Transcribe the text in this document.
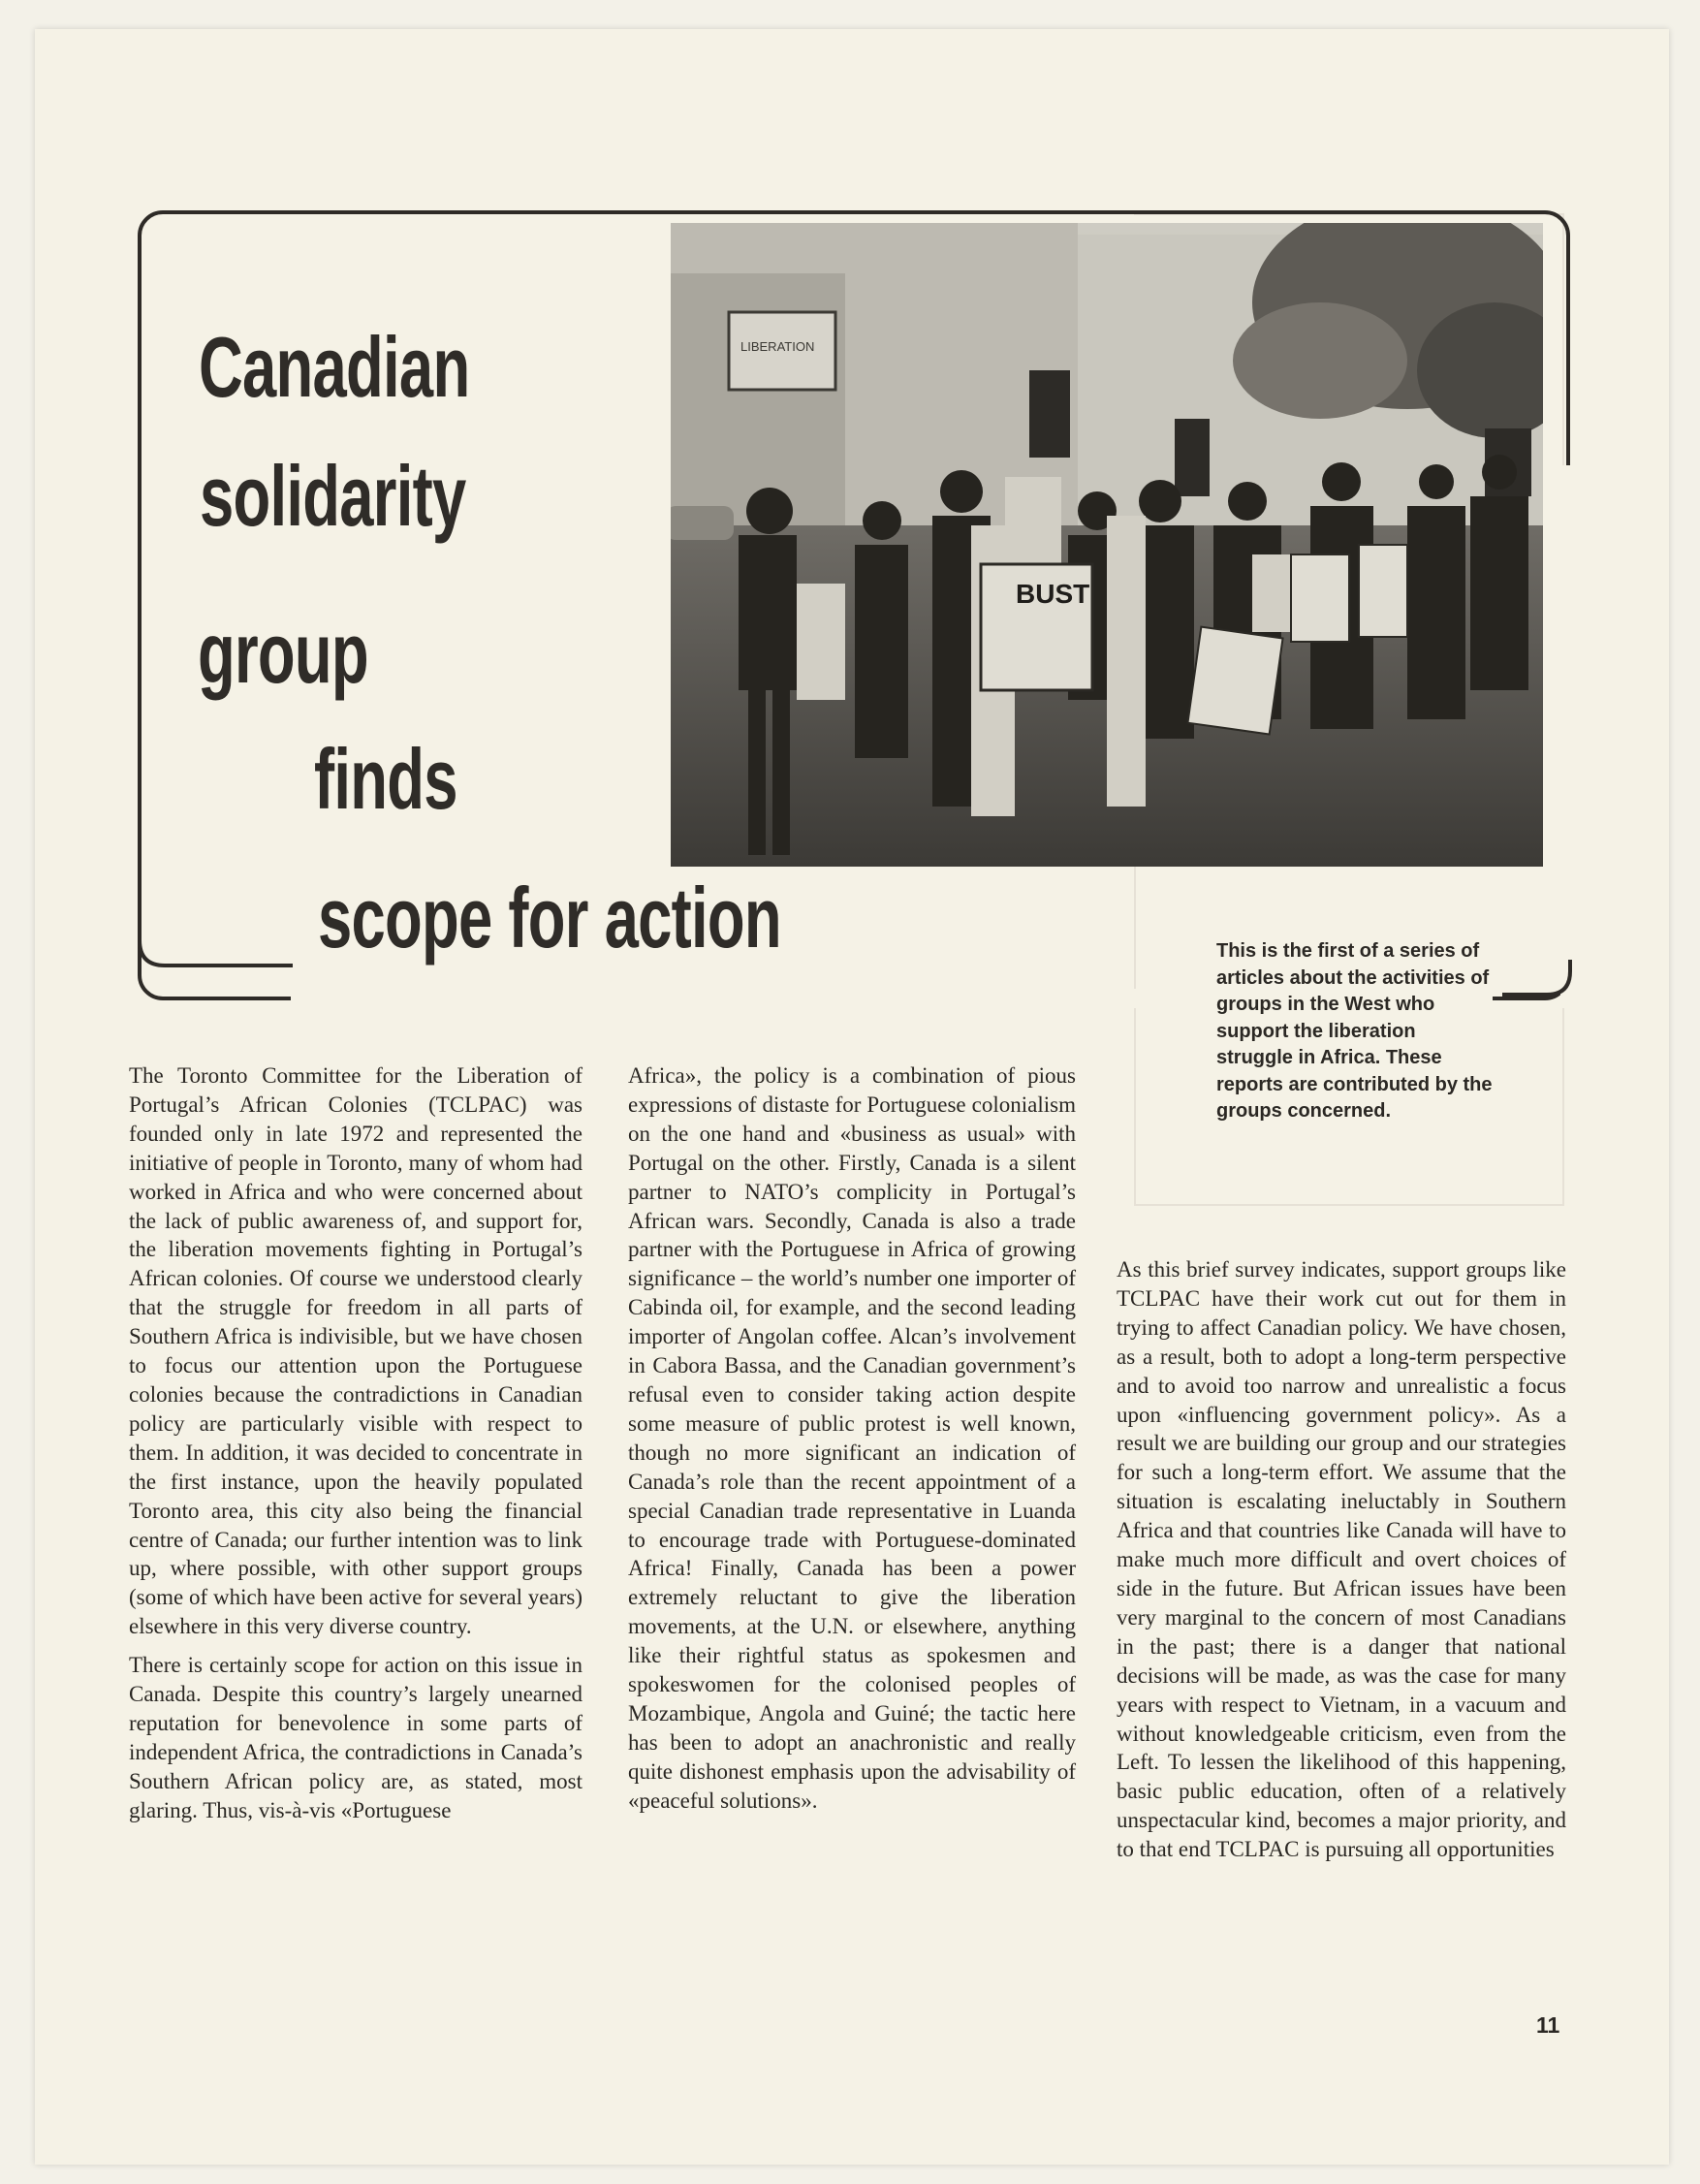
LIBERATION
BUST
Canadian
solidarity
group
finds
scope for action	This is the first of a series of articles about the activities of groups in the West who support the liberation struggle in Africa. These reports are contributed by the groups concerned.

The Toronto Committee for the Liberation of Portugal’s African Colonies (TCLPAC) was founded only in late 1972 and represented the initiative of people in Toronto, many of whom had worked in Africa and who were concerned about the lack of public awareness of, and support for, the liberation movements fighting in Portugal’s African colonies. Of course we understood clearly that the struggle for freedom in all parts of Southern Africa is indivisible, but we have chosen to focus our attention upon the Portuguese colonies because the contradictions in Canadian policy are particularly visible with respect to them. In addition, it was decided to concentrate in the first instance, upon the heavily populated Toronto area, this city also being the financial centre of Canada; our further intention was to link up, where possible, with other support groups (some of which have been active for several years) elsewhere in this very diverse country.

There is certainly scope for action on this issue in Canada. Despite this country’s largely unearned reputation for benevolence in some parts of independent Africa, the contradictions in Canada’s Southern African policy are, as stated, most glaring. Thus, vis-à-vis «Portuguese

Africa», the policy is a combination of pious expressions of distaste for Portuguese colonialism on the one hand and «business as usual» with Portugal on the other. Firstly, Canada is a silent partner to NATO’s complicity in Portugal’s African wars. Secondly, Canada is also a trade partner with the Portuguese in Africa of growing significance – the world’s number one importer of Cabinda oil, for example, and the second leading importer of Angolan coffee. Alcan’s involvement in Cabora Bassa, and the Canadian government’s refusal even to consider taking action despite some measure of public protest is well known, though no more significant an indication of Canada’s role than the recent appointment of a special Canadian trade representative in Luanda to encourage trade with Portuguese-dominated Africa! Finally, Canada has been a power extremely reluctant to give the liberation movements, at the U.N. or elsewhere, anything like their rightful status as spokesmen and spokeswomen for the colonised peoples of Mozambique, Angola and Guiné; the tactic here has been to adopt an anachronistic and really quite dishonest emphasis upon the advisability of «peaceful solutions».

As this brief survey indicates, support groups like TCLPAC have their work cut out for them in trying to affect Canadian policy. We have chosen, as a result, both to adopt a long-term perspective and to avoid too narrow and unrealistic a focus upon «influencing government policy». As a result we are building our group and our strategies for such a long-term effort. We assume that the situation is escalating ineluctably in Southern Africa and that countries like Canada will have to make much more difficult and overt choices of side in the future. But African issues have been very marginal to the concern of most Canadians in the past; there is a danger that national decisions will be made, as was the case for many years with respect to Vietnam, in a vacuum and without knowledgeable criticism, even from the Left. To lessen the likelihood of this happening, basic public education, often of a relatively unspectacular kind, becomes a major priority, and to that end TCLPAC is pursuing all opportunities

11
